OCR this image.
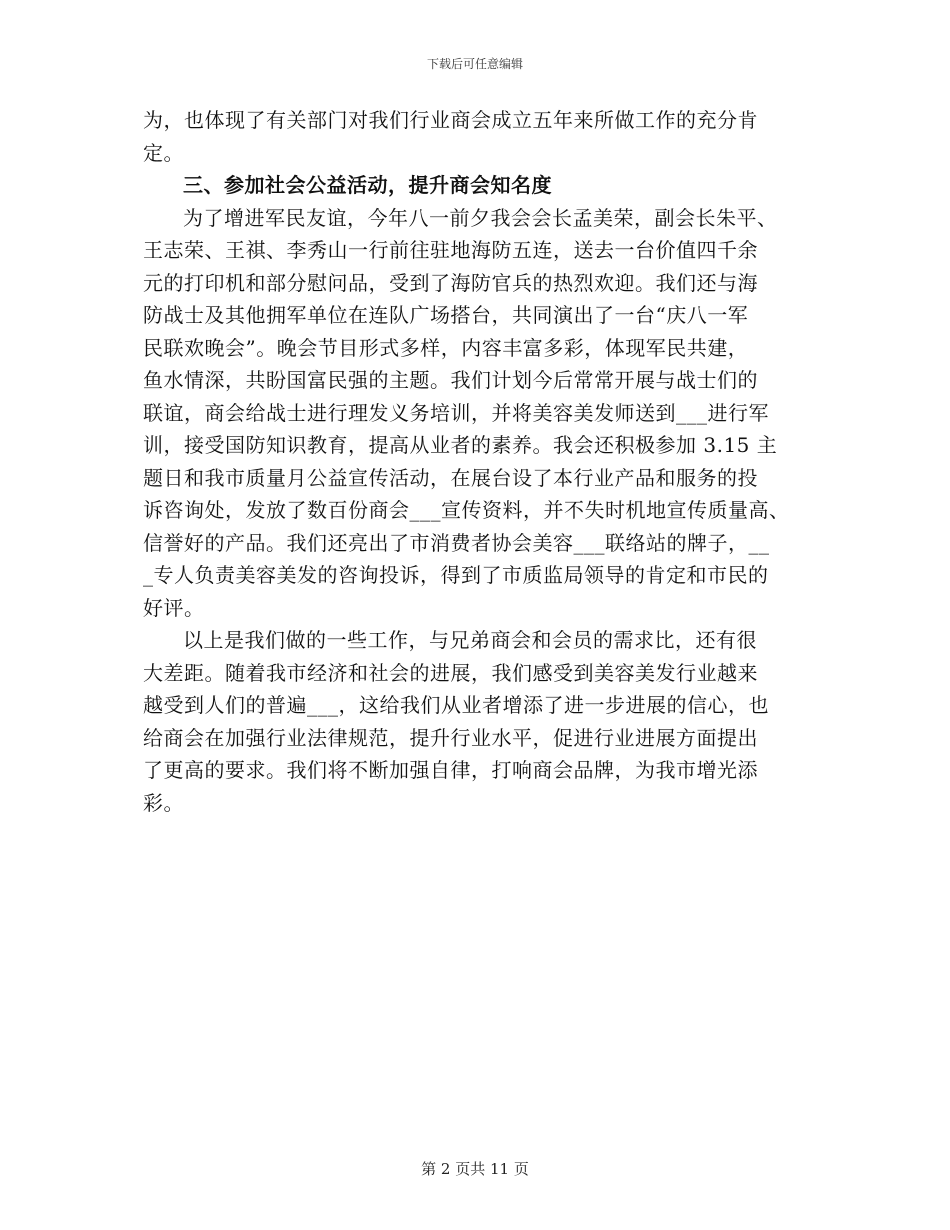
下载后可任意编辑
为，也体现了有关部门对我们行业商会成立五年来所做工作的充分肯
定。
三、参加社会公益活动，提升商会知名度
为了增进军民友谊，今年八一前夕我会会长孟美荣，副会长朱平、
王志荣、王祺、李秀山一行前往驻地海防五连，送去一台价值四千余
元的打印机和部分慰问品，受到了海防官兵的热烈欢迎。我们还与海
防战士及其他拥军单位在连队广场搭台，共同演出了一台“庆八一军
民联欢晚会”。晚会节目形式多样，内容丰富多彩，体现军民共建，
鱼水情深，共盼国富民强的主题。我们计划今后常常开展与战士们的
联谊，商会给战士进行理发义务培训，并将美容美发师送到___进行军
训，接受国防知识教育，提高从业者的素养。我会还积极参加 3.15 主
题日和我市质量月公益宣传活动，在展台设了本行业产品和服务的投
诉咨询处，发放了数百份商会___宣传资料，并不失时机地宣传质量高、
信誉好的产品。我们还亮出了市消费者协会美容___联络站的牌子，__
_专人负责美容美发的咨询投诉，得到了市质监局领导的肯定和市民的
好评。
以上是我们做的一些工作，与兄弟商会和会员的需求比，还有很
大差距。随着我市经济和社会的进展，我们感受到美容美发行业越来
越受到人们的普遍___，这给我们从业者增添了进一步进展的信心，也
给商会在加强行业法律规范，提升行业水平，促进行业进展方面提出
了更高的要求。我们将不断加强自律，打响商会品牌，为我市增光添
彩。
第 2 页共 11 页
